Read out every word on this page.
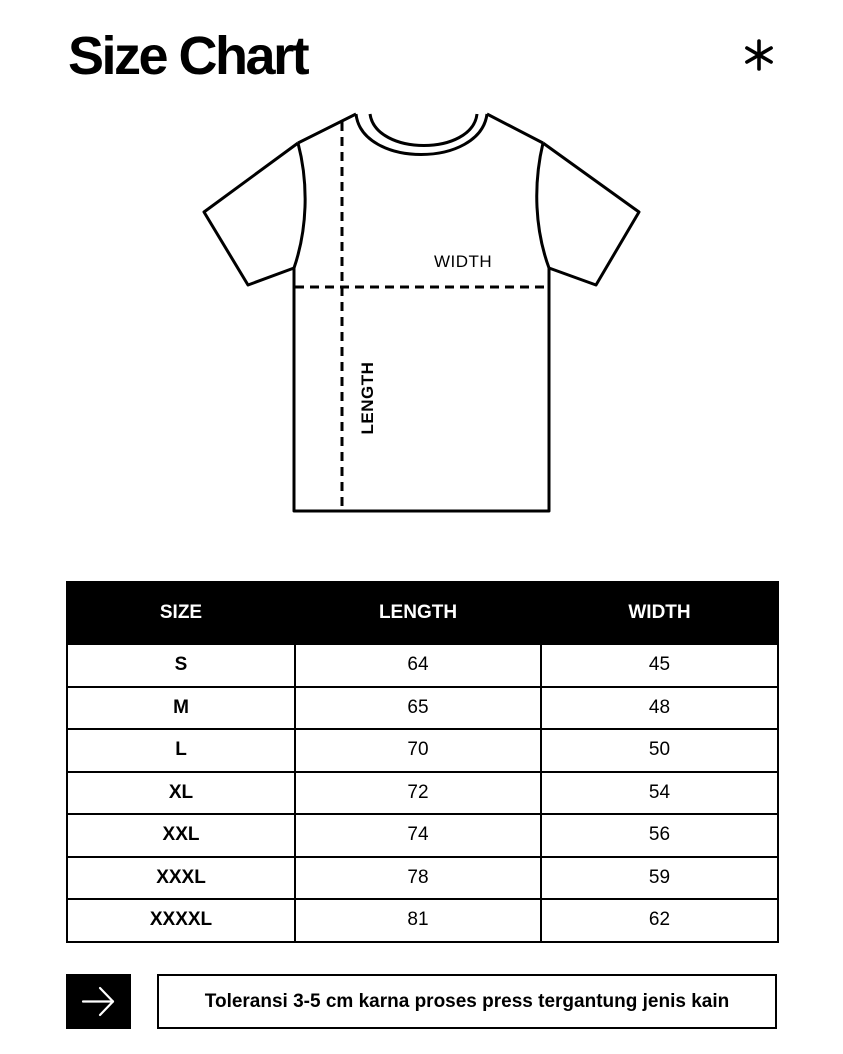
Size Chart
WIDTH
LENGTH
SIZE	LENGTH	WIDTH
S	64	45
M	65	48
L	70	50
XL	72	54
XXL	74	56
XXXL	78	59
XXXXL	81	62
Toleransi 3-5 cm karna proses press tergantung jenis kain
